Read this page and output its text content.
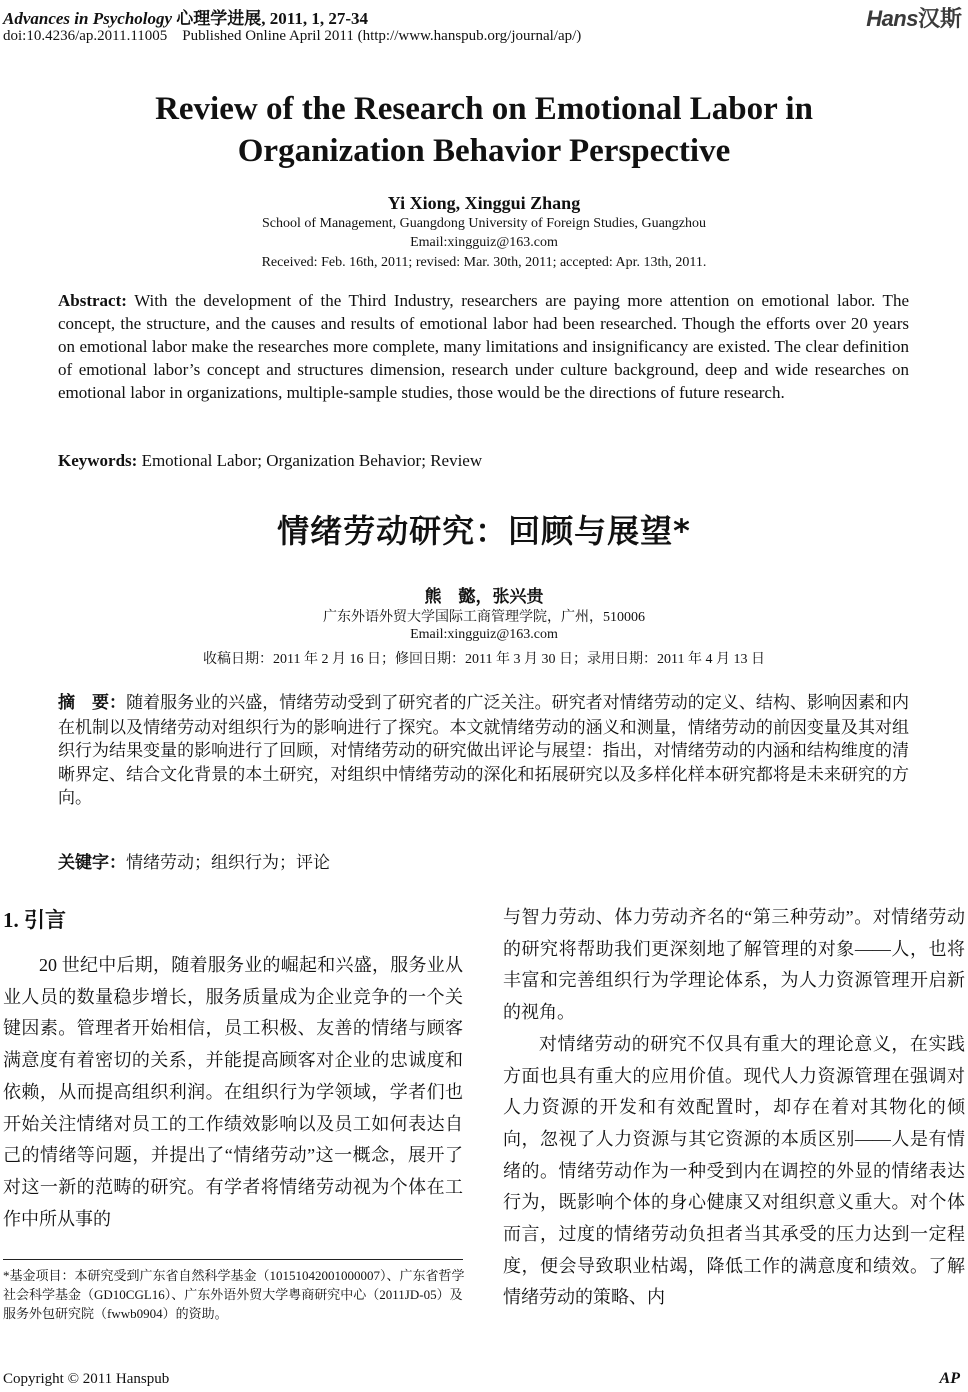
Advances in Psychology 心理学进展, 2011, 1, 27-34
doi:10.4236/ap.2011.11005    Published Online April 2011 (http://www.hanspub.org/journal/ap/)
Hans汉斯
Review of the Research on Emotional Labor in
Organization Behavior Perspective
Yi Xiong, Xinggui Zhang
School of Management, Guangdong University of Foreign Studies, Guangzhou
Email:xingguiz@163.com
Received: Feb. 16th, 2011; revised: Mar. 30th, 2011; accepted: Apr. 13th, 2011.
Abstract: With the development of the Third Industry, researchers are paying more attention on emotional labor. The concept, the structure, and the causes and results of emotional labor had been researched. Though the efforts over 20 years on emotional labor make the researches more complete, many limitations and insignificancy are existed. The clear definition of emotional labor’s concept and structures dimension, research under culture background, deep and wide researches on emotional labor in organizations, multiple-sample studies, those would be the directions of future research.
Keywords: Emotional Labor; Organization Behavior; Review
情绪劳动研究：回顾与展望*
熊　懿，张兴贵
广东外语外贸大学国际工商管理学院，广州，510006
Email:xingguiz@163.com
收稿日期：2011 年 2 月 16 日；修回日期：2011 年 3 月 30 日；录用日期：2011 年 4 月 13 日
摘　要：随着服务业的兴盛，情绪劳动受到了研究者的广泛关注。研究者对情绪劳动的定义、结构、影响因素和内在机制以及情绪劳动对组织行为的影响进行了探究。本文就情绪劳动的涵义和测量，情绪劳动的前因变量及其对组织行为结果变量的影响进行了回顾，对情绪劳动的研究做出评论与展望：指出，对情绪劳动的内涵和结构维度的清晰界定、结合文化背景的本土研究，对组织中情绪劳动的深化和拓展研究以及多样化样本研究都将是未来研究的方向。
关键字：情绪劳动；组织行为；评论
1. 引言

20 世纪中后期，随着服务业的崛起和兴盛，服务业从业人员的数量稳步增长，服务质量成为企业竞争的一个关键因素。管理者开始相信，员工积极、友善的情绪与顾客满意度有着密切的关系，并能提高顾客对企业的忠诚度和依赖，从而提高组织利润。在组织行为学领域，学者们也开始关注情绪对员工的工作绩效影响以及员工如何表达自己的情绪等问题，并提出了“情绪劳动”这一概念，展开了对这一新的范畴的研究。有学者将情绪劳动视为个体在工作中所从事的

与智力劳动、体力劳动齐名的“第三种劳动”。对情绪劳动的研究将帮助我们更深刻地了解管理的对象——人，也将丰富和完善组织行为学理论体系，为人力资源管理开启新的视角。

对情绪劳动的研究不仅具有重大的理论意义，在实践方面也具有重大的应用价值。现代人力资源管理在强调对人力资源的开发和有效配置时，却存在着对其物化的倾向，忽视了人力资源与其它资源的本质区别——人是有情绪的。情绪劳动作为一种受到内在调控的外显的情绪表达行为，既影响个体的身心健康又对组织意义重大。对个体而言，过度的情绪劳动负担者当其承受的压力达到一定程度，便会导致职业枯竭，降低工作的满意度和绩效。了解情绪劳动的策略、内

*基金项目：本研究受到广东省自然科学基金（10151042001000007）、广东省哲学社会科学基金（GD10CGL16）、广东外语外贸大学粤商研究中心（2011JD-05）及服务外包研究院（fwwb0904）的资助。
Copyright © 2011 Hanspub	AP
